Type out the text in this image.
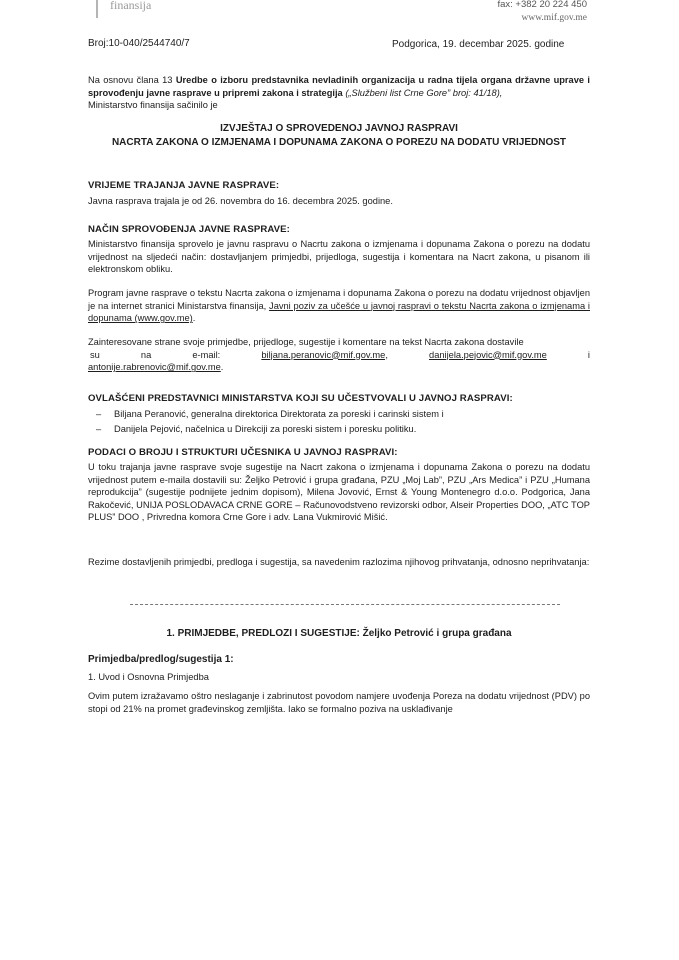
finansija	fax: +382 20 224 450
www.mif.gov.me
Broj:10-040/2544740/7	Podgorica, 19. decembar 2025. godine

Na osnovu člana 13 Uredbe o izboru predstavnika nevladinih organizacija u radna tijela organa državne uprave i sprovođenju javne rasprave u pripremi zakona i strategija („Službeni list Crne Gore” broj: 41/18),

Ministarstvo finansija sačinilo je

IZVJEŠTAJ O SPROVEDENOJ JAVNOJ RASPRAVI
NACRTA ZAKONA O IZMJENAMA I DOPUNAMA ZAKONA O POREZU NA DODATU VRIJEDNOST
VRIJEME TRAJANJA JAVNE RASPRAVE:
Javna rasprava trajala je od 26. novembra do 16. decembra 2025. godine.
NAČIN SPROVOĐENJA JAVNE RASPRAVE:
Ministarstvo finansija sprovelo je javnu raspravu o Nacrtu zakona o izmjenama i dopunama Zakona o porezu na dodatu vrijednost na sljedeći način: dostavljanjem primjedbi, prijedloga, sugestija i komentara na Nacrt zakona, u pisanom ili elektronskom obliku.

Program javne rasprave o tekstu Nacrta zakona o izmjenama i dopunama Zakona o porezu na dodatu vrijednost objavljen je na internet stranici Ministarstva finansija, Javni poziv za učešće u javnoj raspravi o tekstu Nacrta zakona o izmjenama i dopunama (www.gov.me).

Zainteresovane strane svoje primjedbe, prijedloge, sugestije i komentare na tekst Nacrta zakona dostavile

su	na	e-mail:	biljana.peranovic@mif.gov.me,	danijela.pejovic@mif.gov.me	i

antonije.rabrenovic@mif.gov.me.

OVLAŠĆENI PREDSTAVNICI MINISTARSTVA KOJI SU UČESTVOVALI U JAVNOJ RASPRAVI:
–	Biljana Peranović, generalna direktorica Direktorata za poreski i carinski sistem i
–	Danijela Pejović, načelnica u Direkciji za poreski sistem i poresku politiku.
PODACI O BROJU I STRUKTURI UČESNIKA U JAVNOJ RASPRAVI:
U toku trajanja javne rasprave svoje sugestije na Nacrt zakona o izmjenama i dopunama Zakona o porezu na dodatu vrijednost putem e-maila dostavili su: Željko Petrović i grupa građana, PZU „Moj Lab”, PZU „Ars Medica” i PZU „Humana reprodukcija” (sugestije podnijete jednim dopisom), Milena Jovović, Ernst & Young Montenegro d.o.o. Podgorica, Jana Rakočević, UNIJA POSLODAVACA CRNE GORE – Računovodstveno revizorski odbor, Alseir Properties DOO, „ATC TOP PLUS” DOO , Privredna komora Crne Gore i adv. Lana Vukmirović Mišić.
Rezime dostavljenih primjedbi, predloga i sugestija, sa navedenim razlozima njihovog prihvatanja, odnosno neprihvatanja:
1. PRIMJEDBE, PREDLOZI I SUGESTIJE: Željko Petrović i grupa građana
Primjedba/predlog/sugestija 1:
1. Uvod i Osnovna Primjedba
Ovim putem izražavamo oštro neslaganje i zabrinutost povodom namjere uvođenja Poreza na dodatu vrijednost (PDV) po stopi od 21% na promet građevinskog zemljišta. Iako se formalno poziva na usklađivanje
